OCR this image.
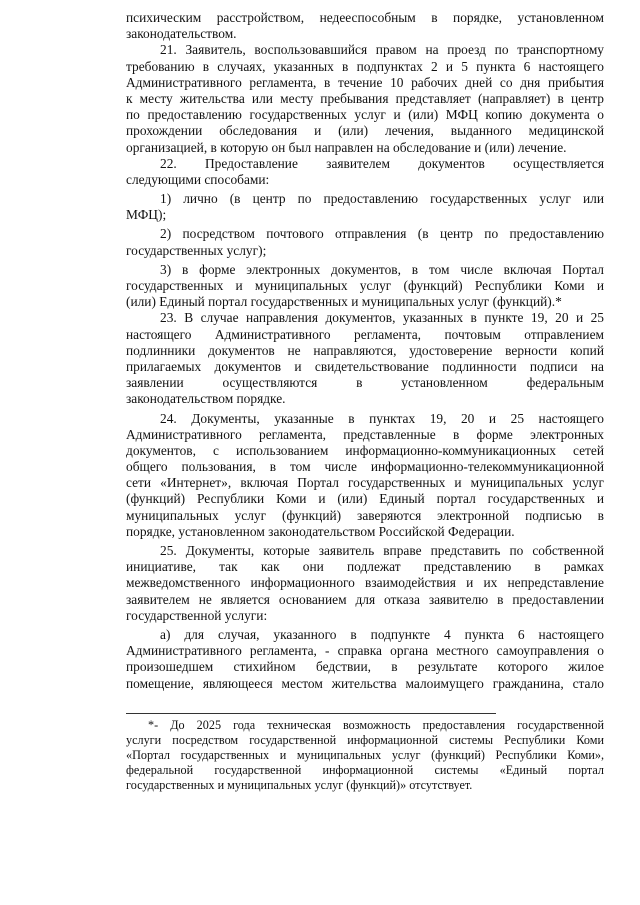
психическим расстройством, недееспособным в порядке, установленном
законодательством.
21. Заявитель, воспользовавшийся правом на проезд по транспортному
требованию в случаях, указанных в подпунктах 2 и 5 пункта 6 настоящего
Административного регламента, в течение 10 рабочих дней со дня прибытия
к месту жительства или месту пребывания представляет (направляет) в центр
по предоставлению государственных услуг и (или) МФЦ копию документа о
прохождении обследования и (или) лечения, выданного медицинской
организацией, в которую он был направлен на обследование и (или) лечение.
22. Предоставление заявителем документов осуществляется
следующими способами:
1) лично (в центр по предоставлению государственных услуг или
МФЦ);
2) посредством почтового отправления (в центр по предоставлению
государственных услуг);
3) в форме электронных документов, в том числе включая Портал
государственных и муниципальных услуг (функций) Республики Коми и
(или) Единый портал государственных и муниципальных услуг (функций).*
23. В случае направления документов, указанных в пункте 19, 20 и 25
настоящего Административного регламента, почтовым отправлением
подлинники документов не направляются, удостоверение верности копий
прилагаемых документов и свидетельствование подлинности подписи на
заявлении осуществляются в установленном федеральным
законодательством порядке.
24. Документы, указанные в пунктах 19, 20 и 25 настоящего
Административного регламента, представленные в форме электронных
документов, с использованием информационно-коммуникационных сетей
общего пользования, в том числе информационно-телекоммуникационной
сети «Интернет», включая Портал государственных и муниципальных услуг
(функций) Республики Коми и (или) Единый портал государственных и
муниципальных услуг (функций) заверяются электронной подписью в
порядке, установленном законодательством Российской Федерации.
25. Документы, которые заявитель вправе представить по собственной
инициативе, так как они подлежат представлению в рамках
межведомственного информационного взаимодействия и их непредставление
заявителем не является основанием для отказа заявителю в предоставлении
государственной услуги:
а) для случая, указанного в подпункте 4 пункта 6 настоящего
Административного регламента, - справка органа местного самоуправления о
произошедшем стихийном бедствии, в результате которого жилое
помещение, являющееся местом жительства малоимущего гражданина, стало
*- До 2025 года техническая возможность предоставления государственной
услуги посредством государственной информационной системы Республики Коми
«Портал государственных и муниципальных услуг (функций) Республики Коми»,
федеральной государственной информационной системы «Единый портал
государственных и муниципальных услуг (функций)» отсутствует.
